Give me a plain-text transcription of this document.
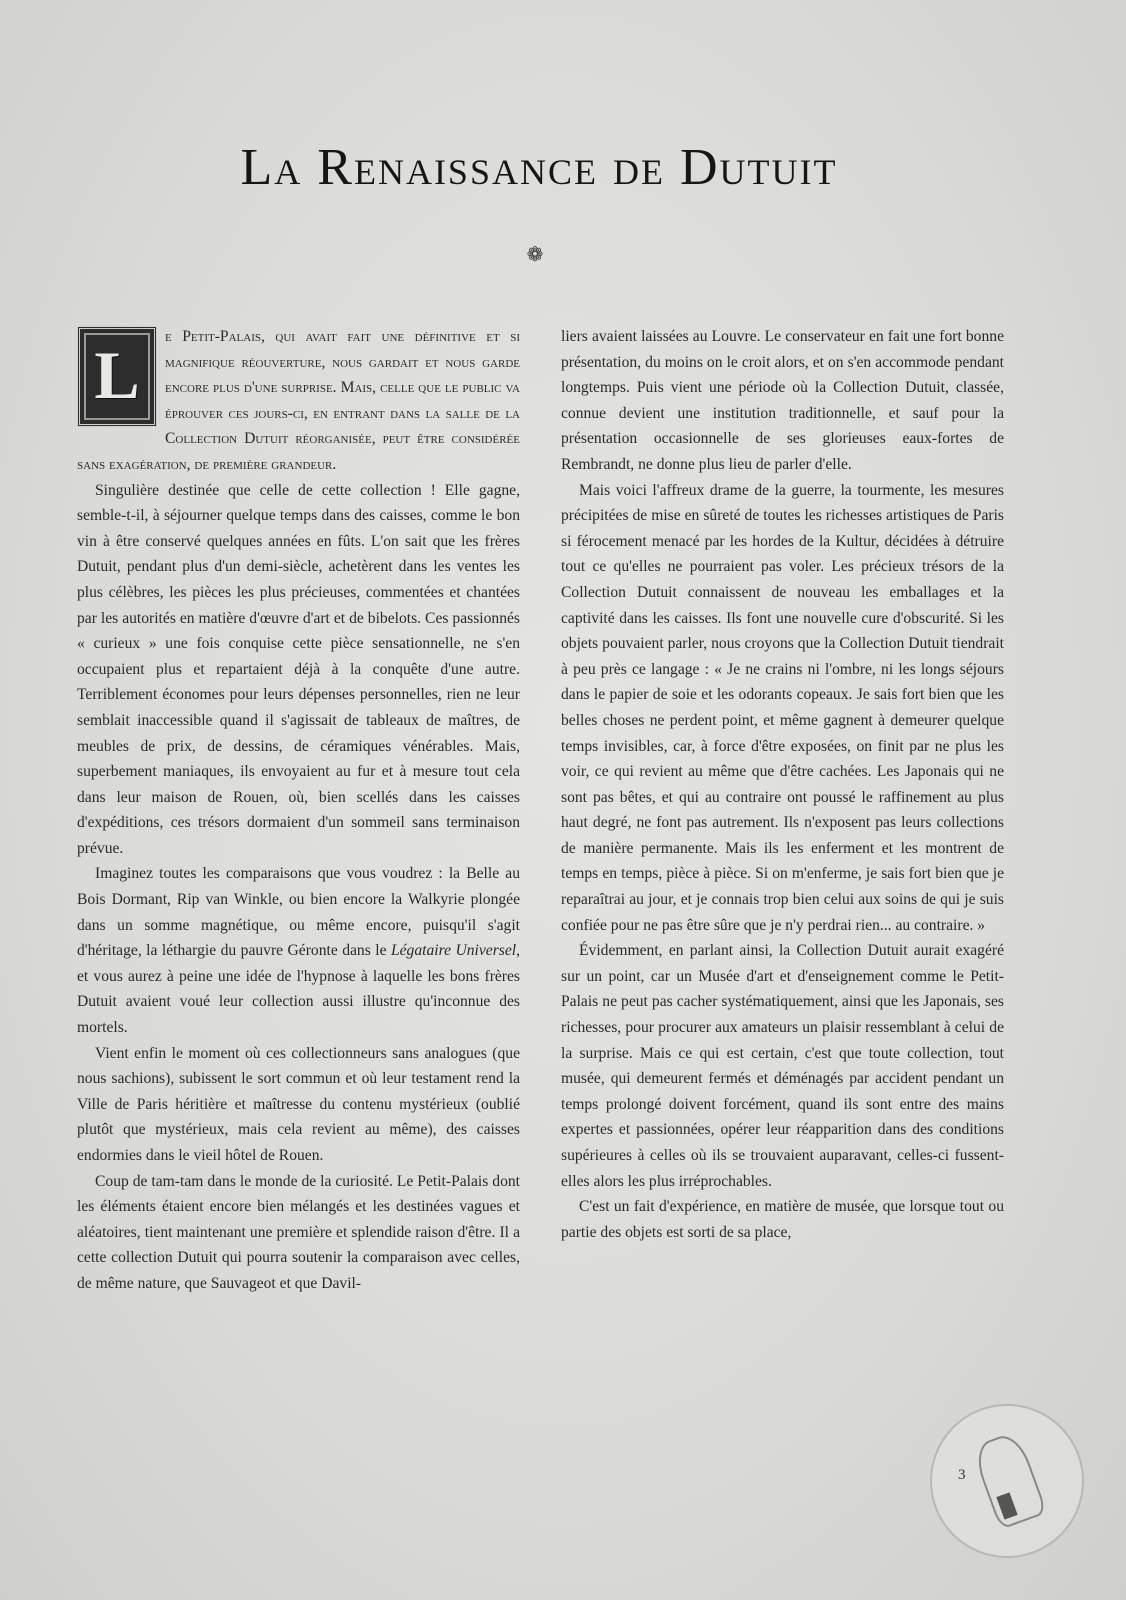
La Renaissance de Dutuit
❁

L
e Petit-Palais, qui avait fait une définitive et si magnifique réouverture, nous gardait et nous garde encore plus d'une surprise. Mais, celle que le public va éprouver ces jours-ci, en entrant dans la salle de la Collection Dutuit réorganisée, peut être considérée sans exagération, de première grandeur.

Singulière destinée que celle de cette collection ! Elle gagne, semble-t-il, à séjourner quelque temps dans des caisses, comme le bon vin à être conservé quelques années en fûts. L'on sait que les frères Dutuit, pendant plus d'un demi-siècle, achetèrent dans les ventes les plus célèbres, les pièces les plus précieuses, commentées et chantées par les autorités en matière d'œuvre d'art et de bibelots. Ces passionnés « curieux » une fois conquise cette pièce sensationnelle, ne s'en occupaient plus et repartaient déjà à la conquête d'une autre. Terriblement économes pour leurs dépenses personnelles, rien ne leur semblait inaccessible quand il s'agissait de tableaux de maîtres, de meubles de prix, de dessins, de céramiques vénérables. Mais, superbement maniaques, ils envoyaient au fur et à mesure tout cela dans leur maison de Rouen, où, bien scellés dans les caisses d'expéditions, ces trésors dormaient d'un sommeil sans terminaison prévue.

Imaginez toutes les comparaisons que vous voudrez : la Belle au Bois Dormant, Rip van Winkle, ou bien encore la Walkyrie plongée dans un somme magnétique, ou même encore, puisqu'il s'agit d'héritage, la léthargie du pauvre Géronte dans le Légataire Universel, et vous aurez à peine une idée de l'hypnose à laquelle les bons frères Dutuit avaient voué leur collection aussi illustre qu'inconnue des mortels.

Vient enfin le moment où ces collectionneurs sans analogues (que nous sachions), subissent le sort commun et où leur testament rend la Ville de Paris héritière et maîtresse du contenu mystérieux (oublié plutôt que mystérieux, mais cela revient au même), des caisses endormies dans le vieil hôtel de Rouen.

Coup de tam-tam dans le monde de la curiosité. Le Petit-Palais dont les éléments étaient encore bien mélangés et les destinées vagues et aléatoires, tient maintenant une première et splendide raison d'être. Il a cette collection Dutuit qui pourra soutenir la comparaison avec celles, de même nature, que Sauvageot et que Davil-

liers avaient laissées au Louvre. Le conservateur en fait une fort bonne présentation, du moins on le croit alors, et on s'en accommode pendant longtemps. Puis vient une période où la Collection Dutuit, classée, connue devient une institution traditionnelle, et sauf pour la présentation occasionnelle de ses glorieuses eaux-fortes de Rembrandt, ne donne plus lieu de parler d'elle.

Mais voici l'affreux drame de la guerre, la tourmente, les mesures précipitées de mise en sûreté de toutes les richesses artistiques de Paris si férocement menacé par les hordes de la Kultur, décidées à détruire tout ce qu'elles ne pourraient pas voler. Les précieux trésors de la Collection Dutuit connaissent de nouveau les emballages et la captivité dans les caisses. Ils font une nouvelle cure d'obscurité. Si les objets pouvaient parler, nous croyons que la Collection Dutuit tiendrait à peu près ce langage : « Je ne crains ni l'ombre, ni les longs séjours dans le papier de soie et les odorants copeaux. Je sais fort bien que les belles choses ne perdent point, et même gagnent à demeurer quelque temps invisibles, car, à force d'être exposées, on finit par ne plus les voir, ce qui revient au même que d'être cachées. Les Japonais qui ne sont pas bêtes, et qui au contraire ont poussé le raffinement au plus haut degré, ne font pas autrement. Ils n'exposent pas leurs collections de manière permanente. Mais ils les enferment et les montrent de temps en temps, pièce à pièce. Si on m'enferme, je sais fort bien que je reparaîtrai au jour, et je connais trop bien celui aux soins de qui je suis confiée pour ne pas être sûre que je n'y perdrai rien... au contraire. »

Évidemment, en parlant ainsi, la Collection Dutuit aurait exagéré sur un point, car un Musée d'art et d'enseignement comme le Petit-Palais ne peut pas cacher systématiquement, ainsi que les Japonais, ses richesses, pour procurer aux amateurs un plaisir ressemblant à celui de la surprise. Mais ce qui est certain, c'est que toute collection, tout musée, qui demeurent fermés et déménagés par accident pendant un temps prolongé doivent forcément, quand ils sont entre des mains expertes et passionnées, opérer leur réapparition dans des conditions supérieures à celles où ils se trouvaient auparavant, celles-ci fussent-elles alors les plus irréprochables.

C'est un fait d'expérience, en matière de musée, que lorsque tout ou partie des objets est sorti de sa place,

3
